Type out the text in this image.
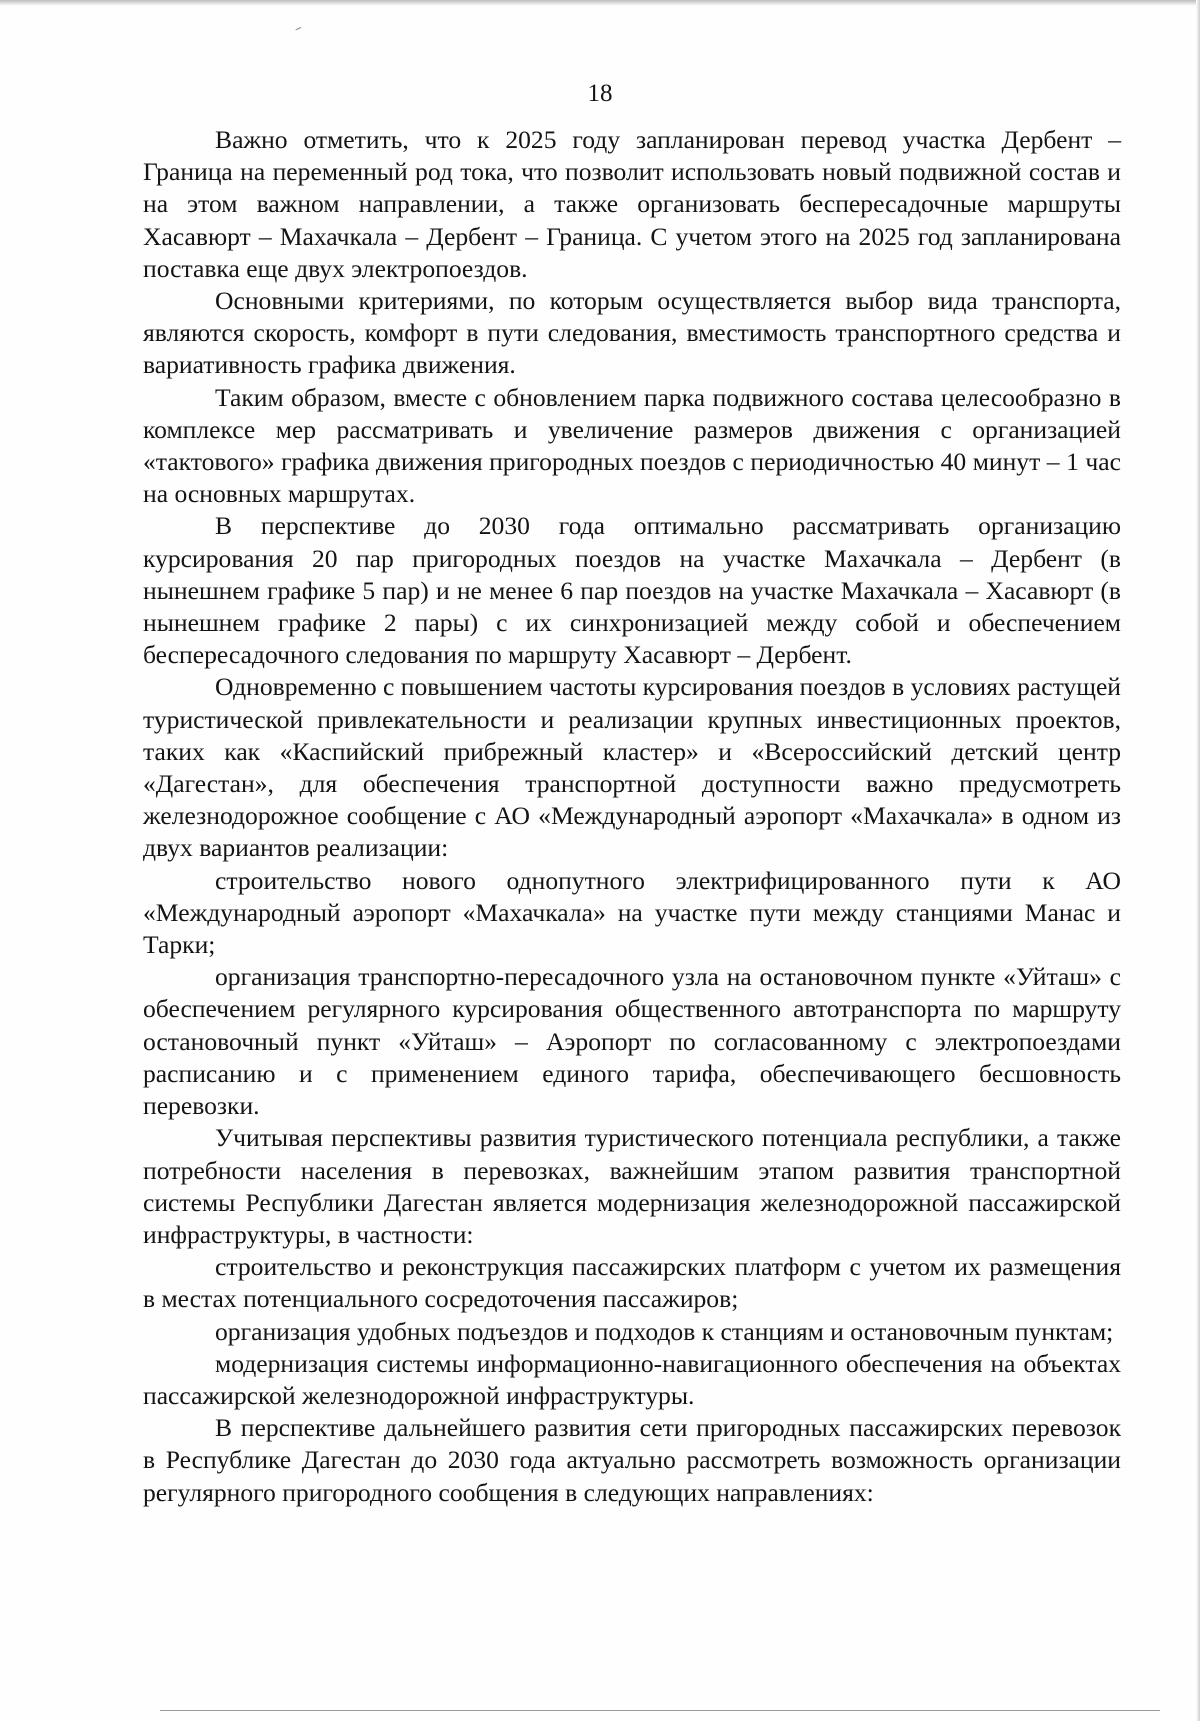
18

Важно отметить, что к 2025 году запланирован перевод участка Дербент – Граница на переменный род тока, что позволит использовать новый подвижной состав и на этом важном направлении, а также организовать беспересадочные маршруты Хасавюрт – Махачкала – Дербент – Граница. С учетом этого на 2025 год запланирована поставка еще двух электропоездов.

Основными критериями, по которым осуществляется выбор вида транспорта, являются скорость, комфорт в пути следования, вместимость транспортного средства и вариативность графика движения.

Таким образом, вместе с обновлением парка подвижного состава целесообразно в комплексе мер рассматривать и увеличение размеров движения с организацией «тактового» графика движения пригородных поездов с периодичностью 40 минут – 1 час на основных маршрутах.

В перспективе до 2030 года оптимально рассматривать организацию курсирования 20 пар пригородных поездов на участке Махачкала – Дербент (в нынешнем графике 5 пар) и не менее 6 пар поездов на участке Махачкала – Хасавюрт (в нынешнем графике 2 пары) с их синхронизацией между собой и обеспечением беспересадочного следования по маршруту Хасавюрт – Дербент.

Одновременно с повышением частоты курсирования поездов в условиях растущей туристической привлекательности и реализации крупных инвестиционных проектов, таких как «Каспийский прибрежный кластер» и «Всероссийский детский центр «Дагестан», для обеспечения транспортной доступности важно предусмотреть железнодорожное сообщение с АО «Международный аэропорт «Махачкала» в одном из двух вариантов реализации:

строительство нового однопутного электрифицированного пути к АО «Международный аэропорт «Махачкала» на участке пути между станциями Манас и Тарки;

организация транспортно-пересадочного узла на остановочном пункте «Уйташ» с обеспечением регулярного курсирования общественного автотранспорта по маршруту остановочный пункт «Уйташ» – Аэропорт по согласованному с электропоездами расписанию и с применением единого тарифа, обеспечивающего бесшовность перевозки.

Учитывая перспективы развития туристического потенциала республики, а также потребности населения в перевозках, важнейшим этапом развития транспортной системы Республики Дагестан является модернизация железнодорожной пассажирской инфраструктуры, в частности:

строительство и реконструкция пассажирских платформ с учетом их размещения в местах потенциального сосредоточения пассажиров;

организация удобных подъездов и подходов к станциям и остановочным пунктам;

модернизация системы информационно-навигационного обеспечения на объектах пассажирской железнодорожной инфраструктуры.

В перспективе дальнейшего развития сети пригородных пассажирских перевозок в Республике Дагестан до 2030 года актуально рассмотреть возможность организации регулярного пригородного сообщения в следующих направлениях:
